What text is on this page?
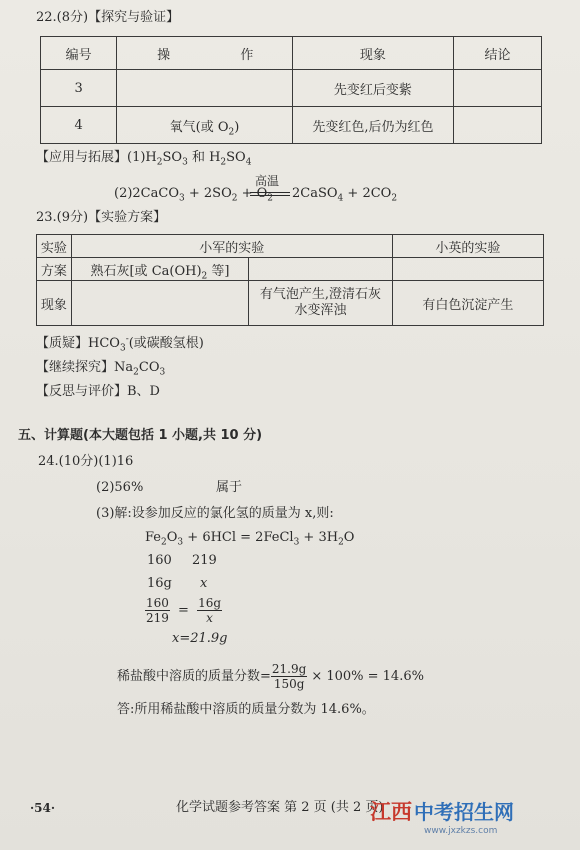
22.(8分)【探究与验证】
编号	操 作	现象	结论
3		先变红后变紫	
4	氧气(或 $O_2$)	先变红色,后仍为红色	
【应用与拓展】$(1)H_2SO_3$ 和 $H_2SO_4$
(2)2CaCO$_3$ + $2SO_2 + O_2$
高温
2CaSO$_4$ + $2CO_2$
23.(9分)【实验方案】
实验	小军的实验		小英的实验
方案	熟石灰[或 $Ca(OH)_2$ 等]		
现象		有气泡产生,澄清石灰
水变浑浊	有白色沉淀产生
【质疑】$HCO_3^-$(或碳酸氢根)
【继续探究】$Na_2CO_3$
【反思与评价】B、D
五、计算题(本大题包括 1 小题,共 10 分)
24.(10分)(1)16
(2)56%	属于
(3)解:设参加反应的氯化氢的质量为 x,则:
$Fe_2O_3 + 6HCl$ = 2FeCl$_3$ + $3H_2O$
160 219
16g x
$\frac{160}{219} = \frac{16g}{x}$
x=21.9g
稀盐酸中溶质的质量分数= $\frac{21.9g}{150g} \times 100\% = 14.6\%$
答:所用稀盐酸中溶质的质量分数为 14.6%。
·54·	化学试题参考答案 第 2 页 (共 2 页)
江西 中考招生网
www.jxzkzs.com
